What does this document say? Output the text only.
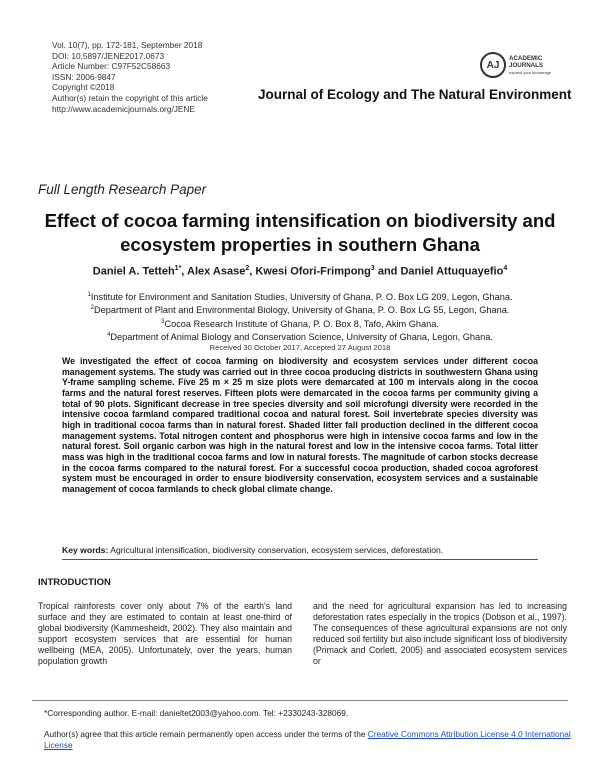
Vol. 10(7), pp. 172-181, September 2018
DOI: 10.5897/JENE2017.0673
Article Number: C97F52C58663
ISSN: 2006-9847
Copyright ©2018
Author(s) retain the copyright of this article
http://www.academicjournals.org/JENE
AJ
ACADEMIC
JOURNALS
expand your knowledge
Journal of Ecology and The Natural Environment
Full Length Research Paper
Effect of cocoa farming intensification on biodiversity and ecosystem properties in southern Ghana
Daniel A. Tetteh$^{1*}$, Alex Asase$^2$, Kwesi Ofori-Frimpong$^3$ and Daniel Attuquayefio$^4$
$^1$Institute for Environment and Sanitation Studies, University of Ghana, P. O. Box LG 209, Legon, Ghana.
$^2$Department of Plant and Environmental Biology, University of Ghana, P. O. Box LG 55, Legon, Ghana.
$^3$Cocoa Research Institute of Ghana, P. O. Box 8, Tafo, Akim Ghana.
$^4$Department of Animal Biology and Conservation Science, University of Ghana, Legon, Ghana.
Received 30 October 2017, Accepted 27 August 2018
We investigated the effect of cocoa farming on biodiversity and ecosystem services under different cocoa management systems. The study was carried out in three cocoa producing districts in southwestern Ghana using Y-frame sampling scheme. Five 25 m × 25 m size plots were demarcated at 100 m intervals along in the cocoa farms and the natural forest reserves. Fifteen plots were demarcated in the cocoa farms per community giving a total of 90 plots. Significant decrease in tree species diversity and soil microfungi diversity were recorded in the intensive cocoa farmland compared traditional cocoa and natural forest. Soil invertebrate species diversity was high in traditional cocoa farms than in natural forest. Shaded litter fall production declined in the different cocoa management systems. Total nitrogen content and phosphorus were high in intensive cocoa farms and low in the natural forest. Soil organic carbon was high in the natural forest and low in the intensive cocoa farms. Total litter mass was high in the traditional cocoa farms and low in natural forests. The magnitude of carbon stocks decrease in the cocoa farms compared to the natural forest. For a successful cocoa production, shaded cocoa agroforest system must be encouraged in order to ensure biodiversity conservation, ecosystem services and a sustainable management of cocoa farmlands to check global climate change.
Key words: Agricultural intensification, biodiversity conservation, ecosystem services, deforestation.
INTRODUCTION
Tropical rainforests cover only about 7% of the earth's land surface and they are estimated to contain at least one-third of global biodiversity (Kammesheidt, 2002). They also maintain and support ecosystem services that are essential for human wellbeing (MEA, 2005). Unfortunately, over the years, human population growth
and the need for agricultural expansion has led to increasing deforestation rates especially in the tropics (Dobson et al., 1997). The consequences of these agricultural expansions are not only reduced soil fertility but also include significant loss of biodiversity (Primack and Corlett, 2005) and associated ecosystem services or
*Corresponding author. E-mail: danieltet2003@yahoo.com. Tel: +2330243-328069.
Author(s) agree that this article remain permanently open access under the terms of the Creative Commons Attribution License 4.0 International License
